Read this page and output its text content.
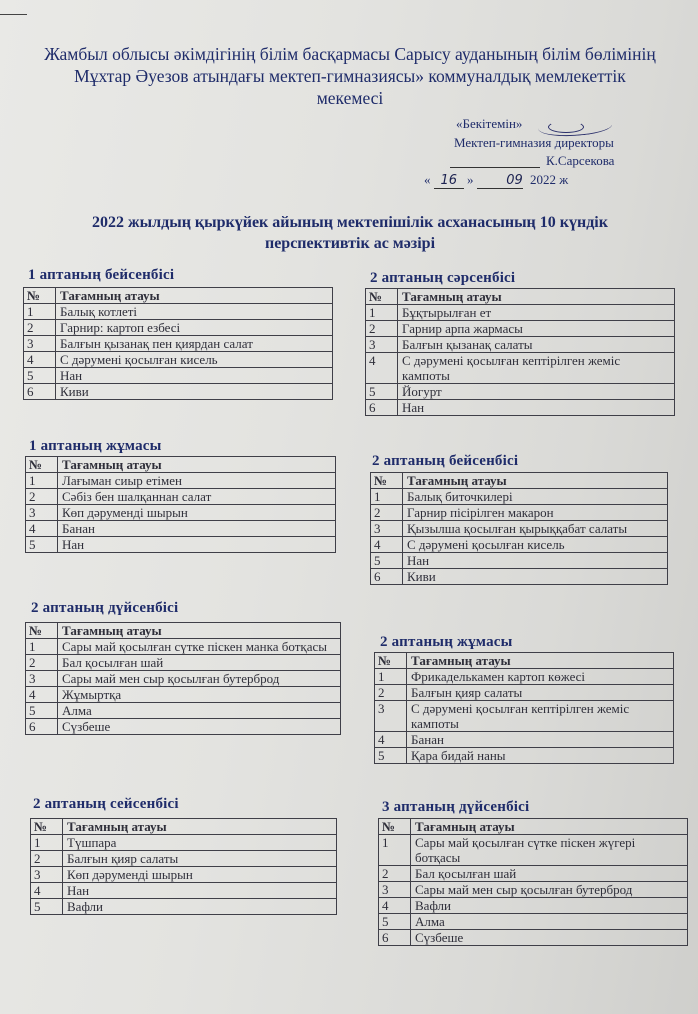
Жамбыл облысы әкімдігінің білім басқармасы Сарысу ауданының білім бөлімінің
Мұхтар Әуезов атындағы мектеп-гимназиясы» коммуналдық мемлекеттік
мекемесі
«Бекітемін»
Мектеп-гимназия директоры
К.Сарсекова
« 16 »	09 2022 ж
2022 жылдың қыркүйек айының мектепішілік асханасының 10 күндік
перспективтік ас мәзірі
1 аптаның бейсенбісі
№	Тағамның атауы
1	Балық котлеті
2	Гарнир: картоп езбесі
3	Балғын қызанақ пен қиярдан салат
4	С дәрумені қосылған кисель
5	Нан
6	Киви
1 аптаның жұмасы
№	Тағамның атауы
1	Лағыман сиыр етімен
2	Сәбіз бен шалқаннан салат
3	Көп дәруменді шырын
4	Банан
5	Нан
2 аптаның дүйсенбісі
№	Тағамның атауы
1	Сары май қосылған сүтке піскен манка ботқасы
2	Бал қосылған шай
3	Сары май мен сыр қосылған бутерброд
4	Жұмыртқа
5	Алма
6	Сүзбеше
2 аптаның сейсенбісі
№	Тағамның атауы
1	Түшпара
2	Балғын қияр салаты
3	Көп дәруменді шырын
4	Нан
5	Вафли
2 аптаның сәрсенбісі
№	Тағамның атауы
1	Бұқтырылған ет
2	Гарнир арпа жармасы
3	Балғын қызанақ салаты
4	С дәрумені қосылған кептірілген жеміс кампоты
5	Йогурт
6	Нан
2 аптаның бейсенбісі
№	Тағамның атауы
1	Балық биточкилері
2	Гарнир пісірілген макарон
3	Қызылша қосылған қырыққабат салаты
4	С дәрумені қосылған кисель
5	Нан
6	Киви
2 аптаның жұмасы
№	Тағамның атауы
1	Фрикаделькамен картоп көжесі
2	Балғын қияр салаты
3	С дәрумені қосылған кептірілген жеміс кампоты
4	Банан
5	Қара бидай наны
3 аптаның дүйсенбісі
№	Тағамның атауы
1	Сары май қосылған сүтке піскен жүгері ботқасы
2	Бал қосылған шай
3	Сары май мен сыр қосылған бутерброд
4	Вафли
5	Алма
6	Сүзбеше
